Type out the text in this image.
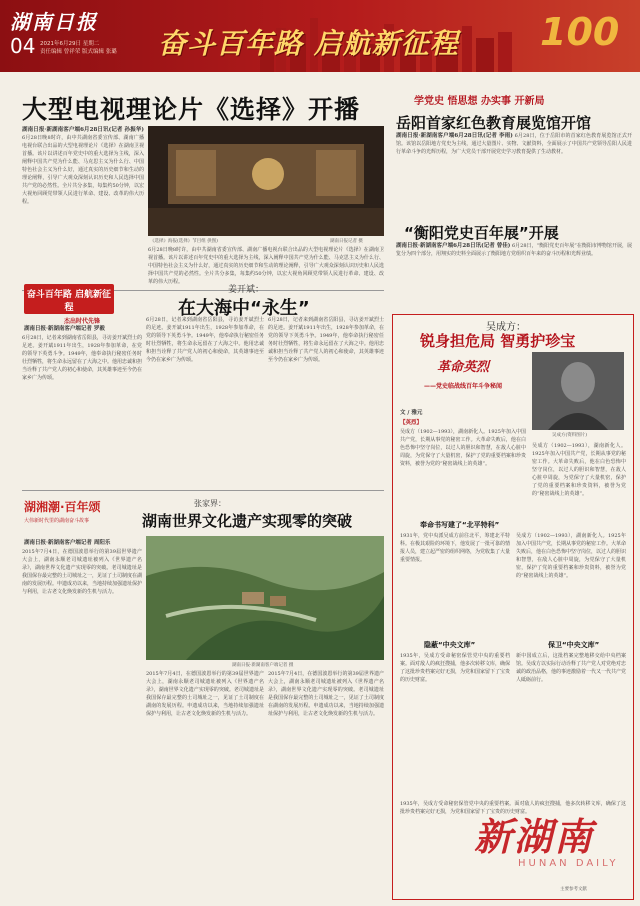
湖南日报
04 2021年6月29日 星期二
责任编辑 曾祥荣 版式编辑 张璐 奋斗百年路 启航新征程 100
大型电视理论片《选择》开播
湖南日报·新湖南客户端6月28日讯(记者 孙振华) 6月28日晚8时许，由中共湖南省委宣传部、湖南广播电视台联合出品的大型电视理论片《选择》在湖南卫视首播。该片以讲述百年党史中的重大选择为主线，深入阐释中国共产党为什么能、马克思主义为什么行、中国特色社会主义为什么好，通过真实的历史细节和生动的理论阐释，引导广大观众深刻认识历史和人民选择中国共产党的必然性。全片共分多集，每集约50分钟，以宏大视角回顾党带领人民进行革命、建设、改革的伟大历程。
《选择》海报(选择》节目组 供图)	湖南日报记者 摄
6月28日晚8时许，由中共湖南省委宣传部、湖南广播电视台联合出品的大型电视理论片《选择》在湖南卫视首播。该片以讲述百年党史中的重大选择为主线，深入阐释中国共产党为什么能、马克思主义为什么行、中国特色社会主义为什么好，通过真实的历史细节和生动的理论阐释，引导广大观众深刻认识历史和人民选择中国共产党的必然性。全片共分多集，每集约50分钟，以宏大视角回顾党带领人民进行革命、建设、改革的伟大历程。
学党史 悟思想 办实事 开新局
岳阳首家红色教育展览馆开馆
湖南日报·新湖南客户端6月28日讯(记者 李雨) 6月28日，位于岳阳市的首家红色教育展览馆正式开馆。该馆以岳阳地方党史为主线，通过大量图片、实物、文献资料，全面展示了中国共产党领导岳阳人民进行革命斗争的光辉历程，为广大党员干部开展党史学习教育提供了生动教材。
“衡阳党史百年展”开展
湖南日报·新湖南客户端6月28日讯(记者 曾佳) 6月28日，“衡阳党史百年展”在衡阳市博物馆开展，展览分为四个部分，用翔实的史料全面展示了衡阳地方党组织百年来的奋斗历程和光辉业绩。
奋斗百年路 启航新征程
杰出时代先锋
姜开斌：
在大海中“永生”
湖南日报·新湖南客户端记者 罗毅
6月28日，记者来到湖南省岳阳县，寻访姜开斌烈士的足迹。姜开斌1911年出生，1928年参加革命，在党的领导下英勇斗争。1949年，他奉命执行秘密任务时壮烈牺牲，将生命永远留在了大海之中。他用忠诚和担当诠释了共产党人的初心和使命，其英雄事迹至今仍在家乡广为传颂。
6月28日，记者来到湖南省岳阳县，寻访姜开斌烈士的足迹。姜开斌1911年出生，1928年参加革命，在党的领导下英勇斗争。1949年，他奉命执行秘密任务时壮烈牺牲，将生命永远留在了大海之中。他用忠诚和担当诠释了共产党人的初心和使命，其英雄事迹至今仍在家乡广为传颂。
6月28日，记者来到湖南省岳阳县，寻访姜开斌烈士的足迹。姜开斌1911年出生，1928年参加革命，在党的领导下英勇斗争。1949年，他奉命执行秘密任务时壮烈牺牲，将生命永远留在了大海之中。他用忠诚和担当诠释了共产党人的初心和使命，其英雄事迹至今仍在家乡广为传颂。
湖湘潮·百年颂
大伟新时代里的湖南奋斗故事
张家界：
湖南世界文化遗产实现零的突破
湖南日报·新湖南客户端记者 周阳乐
2015年7月4日，在德国波恩举行的第39届世界遗产大会上，湖南永顺老司城遗址被列入《世界遗产名录》，湖南世界文化遗产实现零的突破。老司城遗址是我国保存最完整的土司城址之一，见证了土司制度在湖南的发展历程。申遗成功以来，当地持续加强遗址保护与利用，让古老文化焕发新的生机与活力。
湖南日报·新湖南客户端记者 摄
2015年7月4日，在德国波恩举行的第39届世界遗产大会上，湖南永顺老司城遗址被列入《世界遗产名录》，湖南世界文化遗产实现零的突破。老司城遗址是我国保存最完整的土司城址之一，见证了土司制度在湖南的发展历程。申遗成功以来，当地持续加强遗址保护与利用，让古老文化焕发新的生机与活力。
2015年7月4日，在德国波恩举行的第39届世界遗产大会上，湖南永顺老司城遗址被列入《世界遗产名录》，湖南世界文化遗产实现零的突破。老司城遗址是我国保存最完整的土司城址之一，见证了土司制度在湖南的发展历程。申遗成功以来，当地持续加强遗址保护与利用，让古老文化焕发新的生机与活力。
吴成方：
锐身担危局 智勇护珍宝
革命英烈
——党史临战线百年斗争秘闻
文 / 雅元
吴成方(资料图片)
【英烈】
吴成方（1902—1993），湖南新化人。1925年加入中国共产党，长期从事党的秘密工作。大革命失败后，他在白色恐怖中坚守岗位，以过人的胆识和智慧，在敌人心脏中周旋，为党保守了大量机密，保护了党的重要档案和珍贵资料，被誉为党的“秘密战线上的英雄”。
吴成方（1902—1993），湖南新化人。1925年加入中国共产党，长期从事党的秘密工作。大革命失败后，他在白色恐怖中坚守岗位，以过人的胆识和智慧，在敌人心脏中周旋，为党保守了大量机密，保护了党的重要档案和珍贵资料，被誉为党的“秘密战线上的英雄”。
奉命书写建了“北平特科”
1931年，党中央派吴成方前往北平，筹建北平特科。在极其艰险的环境下，他发展了一批可靠的情报人员，建立起严密的组织网络，为党收集了大量重要情报。
吴成方（1902—1993），湖南新化人。1925年加入中国共产党，长期从事党的秘密工作。大革命失败后，他在白色恐怖中坚守岗位，以过人的胆识和智慧，在敌人心脏中周旋，为党保守了大量机密，保护了党的重要档案和珍贵资料，被誉为党的“秘密战线上的英雄”。
隐蔽“中央文库”
1935年，吴成方受命秘密保管党中央的重要档案。面对敌人的疯狂搜捕，他多次转移文库，确保了这批珍贵档案完好无损，为党和国家留下了宝贵的历史财富。
保卫“中央文库”
新中国成立后，这批档案完整地移交给中央档案馆。吴成方以实际行动诠释了共产党人对党绝对忠诚的政治品格，他的事迹激励着一代又一代共产党人砥砺前行。
1935年，吴成方受命秘密保管党中央的重要档案。面对敌人的疯狂搜捕，他多次转移文库，确保了这批珍贵档案完好无损，为党和国家留下了宝贵的历史财富。
主要参考文献
新湖南
HUNAN DAILY
